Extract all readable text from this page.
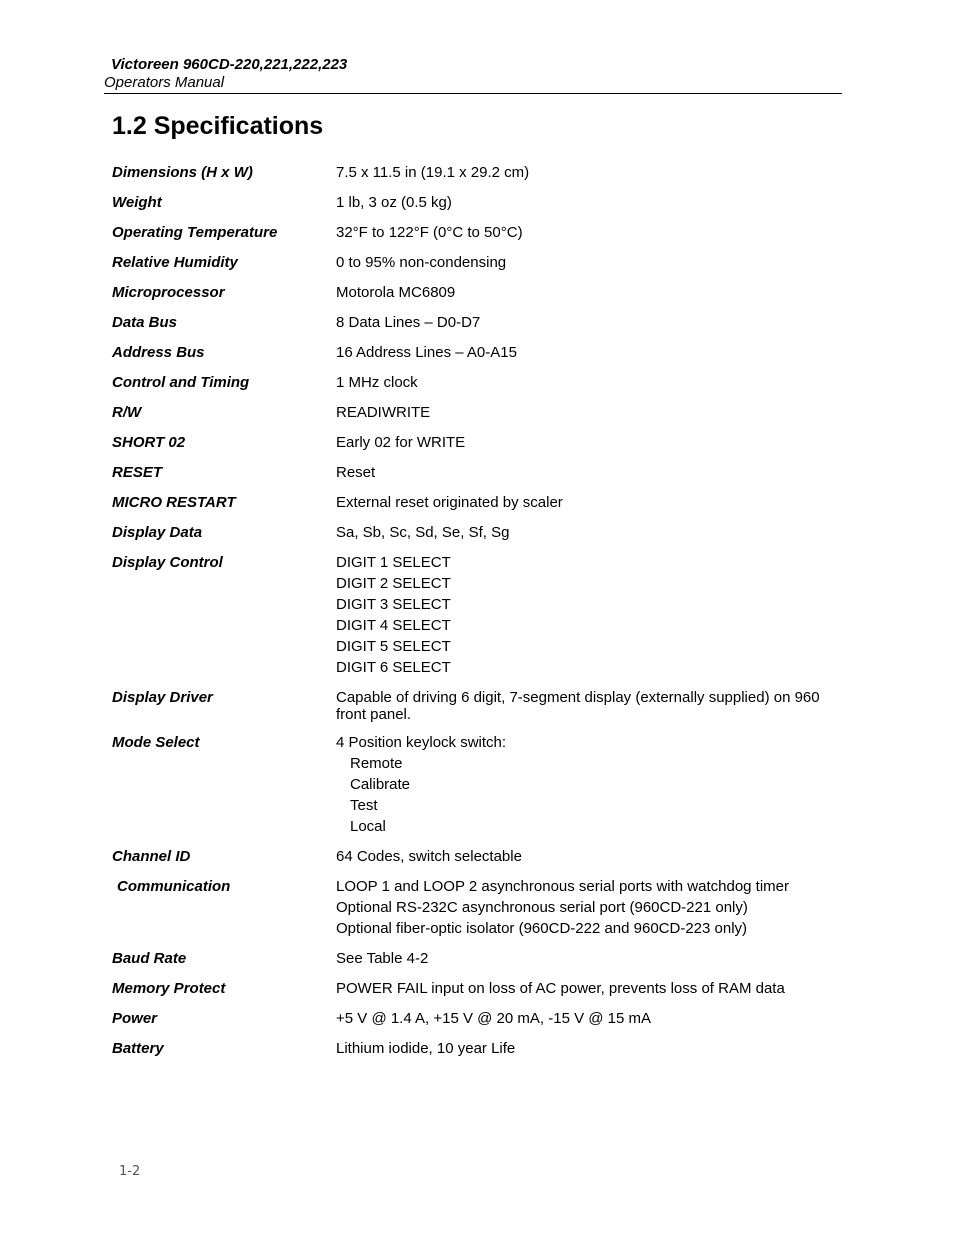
Victoreen 960CD-220,221,222,223
Operators Manual
1.2 Specifications
Dimensions (H x W)	7.5 x 11.5 in (19.1 x 29.2 cm)
Weight	1 lb, 3 oz (0.5 kg)
Operating Temperature	32°F to 122°F (0°C to 50°C)
Relative Humidity	0 to 95% non-condensing
Microprocessor	Motorola MC6809
Data Bus	8 Data Lines – D0-D7
Address Bus	16 Address Lines – A0-A15
Control and Timing	1 MHz clock
R/W	READIWRITE
SHORT 02	Early 02 for WRITE
RESET	Reset
MICRO RESTART	External reset originated by scaler
Display Data	Sa, Sb, Sc, Sd, Se, Sf, Sg
Display Control	DIGIT 1 SELECT
DIGIT 2 SELECT
DIGIT 3 SELECT
DIGIT 4 SELECT
DIGIT 5 SELECT
DIGIT 6 SELECT
Display Driver	Capable of driving 6 digit, 7-segment display (externally supplied) on 960 front panel.
Mode Select	4 Position keylock switch:
Remote
Calibrate
Test
Local
Channel ID	64 Codes, switch selectable
Communication	LOOP 1 and LOOP 2 asynchronous serial ports with watchdog timer
Optional RS-232C asynchronous serial port (960CD-221 only)
Optional fiber-optic isolator (960CD-222 and 960CD-223 only)
Baud Rate	See Table 4-2
Memory Protect	POWER FAIL input on loss of AC power, prevents loss of RAM data
Power	+5 V @ 1.4 A, +15 V @ 20 mA, -15 V @ 15 mA
Battery	Lithium iodide, 10 year Life
1-2
